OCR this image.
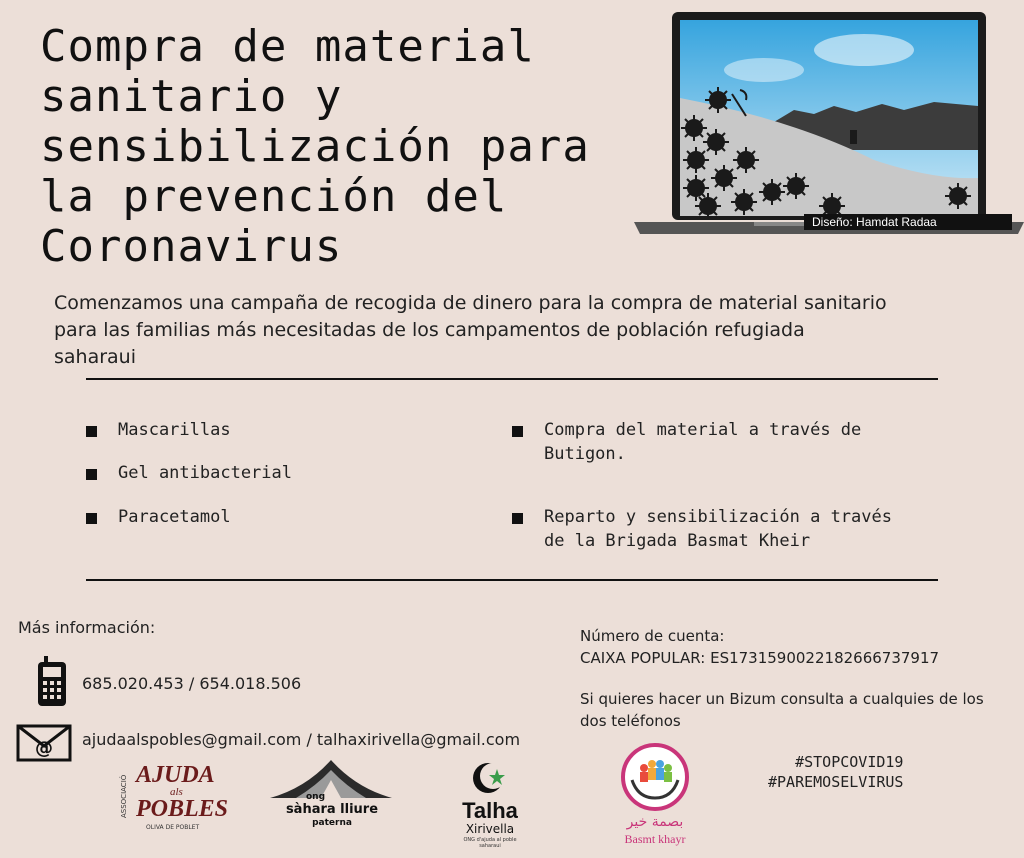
Compra de material
sanitario y
sensibilización para
la prevención del
Coronavirus	Diseño: Hamdat Radaa
Comenzamos una campaña de recogida de dinero para la compra de material sanitario
para las familias más necesitadas de los campamentos de población refugiada
saharaui
Mascarillas
Gel antibacterial
Paracetamol
Compra del material a través de
Butigon.
Reparto y sensibilización a través
de la Brigada Basmat Kheir
Más información:
685.020.453 / 654.018.506
@ ajudaalspobles@gmail.com / talhaxirivella@gmail.com
Número de cuenta:
CAIXA POPULAR: ES1731590022182666737917
Si quieres hacer un Bizum consulta a cualquies de los
dos teléfonos
#STOPCOVID19
#PAREMOSELVIRUS
ASSOCIACIÓ AJUDA
als
POBLES
OLIVA DE POBLET
ong
sàhara lliure
paterna	Talha
Xirivella
ONG d'ajuda al poble saharaui
بصمة خير
Basmt khayr
